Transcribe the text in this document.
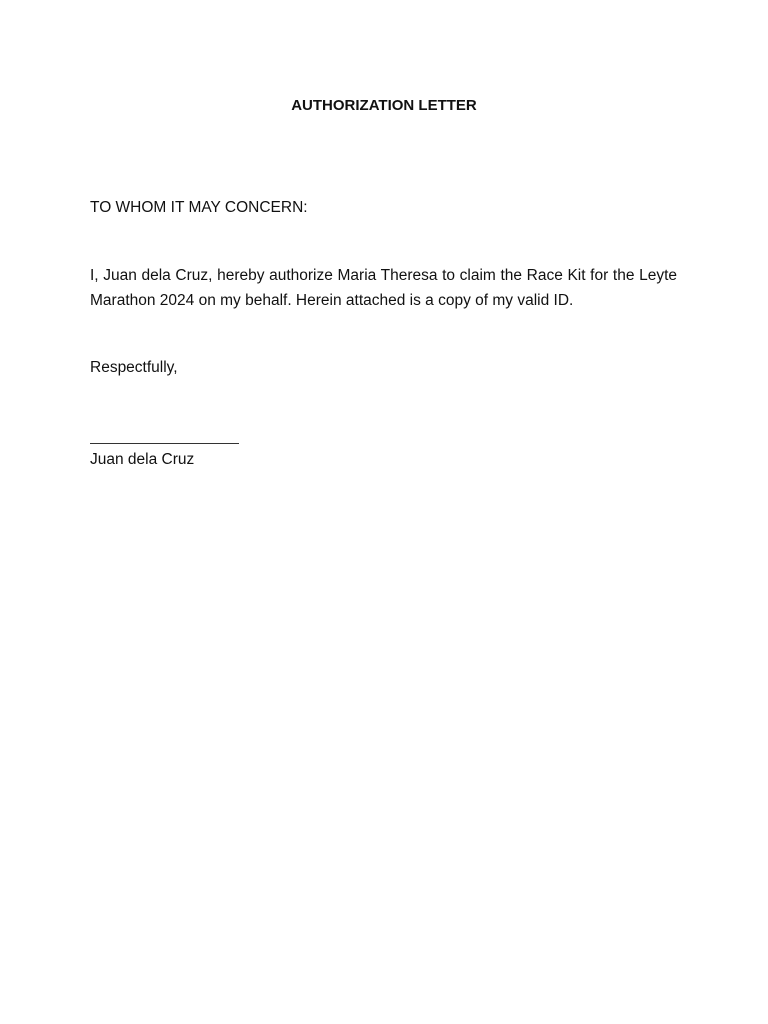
AUTHORIZATION LETTER
TO WHOM IT MAY CONCERN:
I, Juan dela Cruz, hereby authorize Maria Theresa to claim the Race Kit for the Leyte Marathon 2024 on my behalf. Herein attached is a copy of my valid ID.
Respectfully,
Juan dela Cruz
